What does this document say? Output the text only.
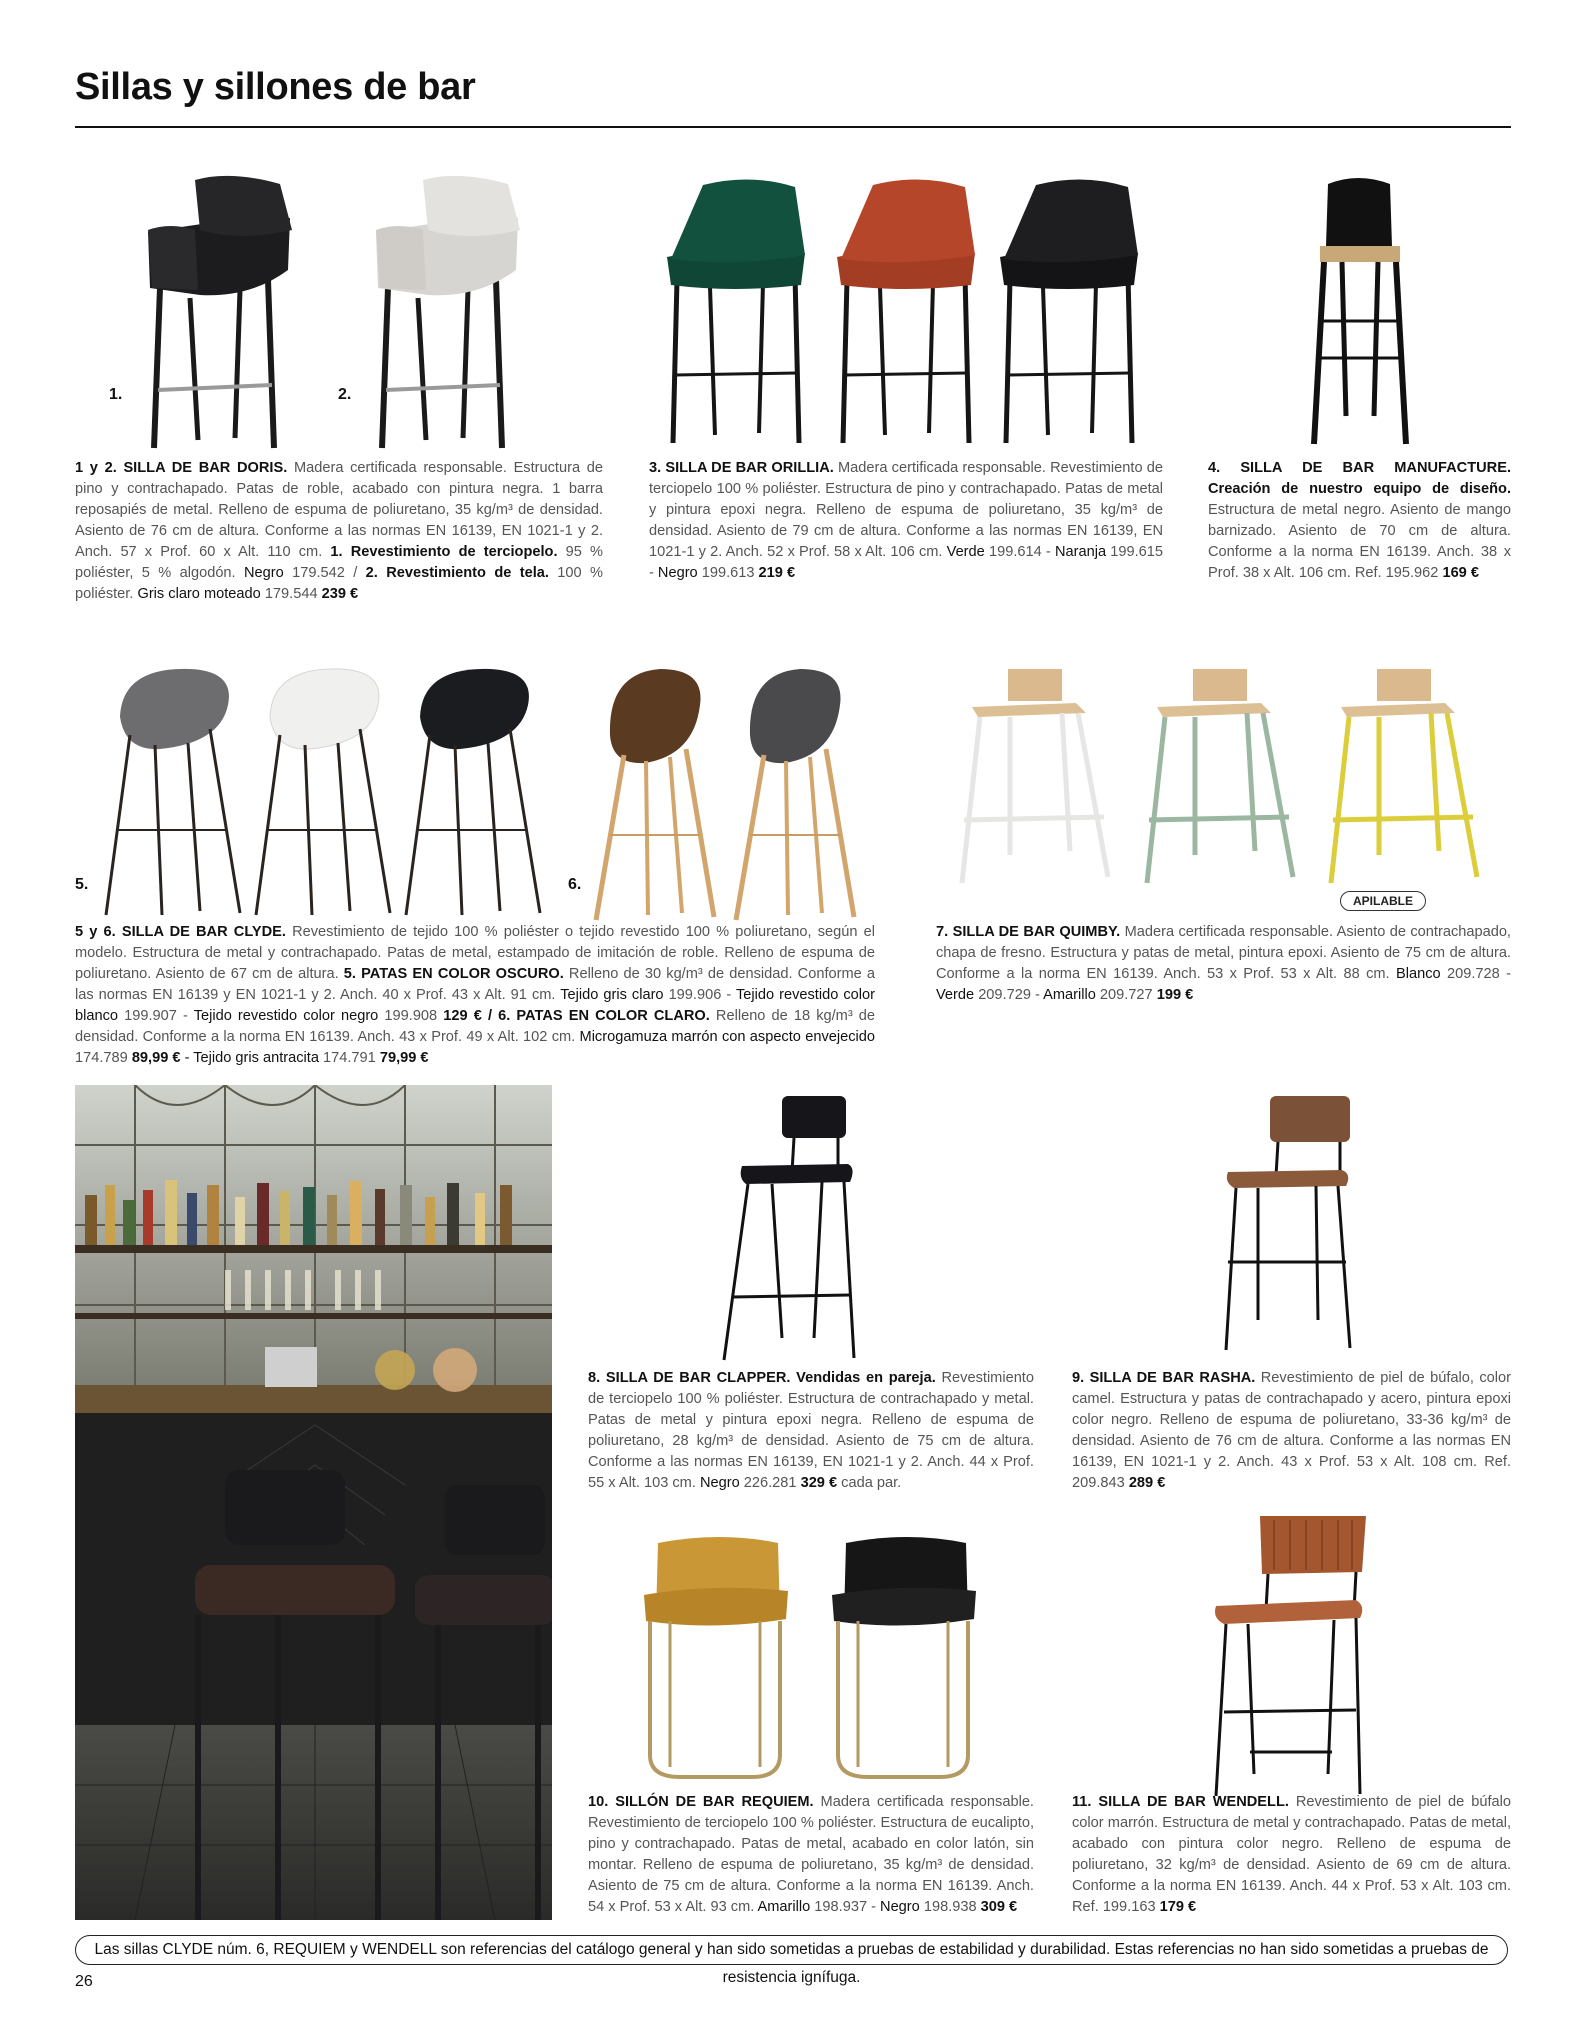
Sillas y sillones de bar
1.	2.

1 y 2. SILLA DE BAR DORIS. Madera certificada responsable. Estructura de pino y contrachapado. Patas de roble, acabado con pintura negra. 1 barra reposapiés de metal. Relleno de espuma de poliuretano, 35 kg/m³ de densidad. Asiento de 76 cm de altura. Conforme a las normas EN 16139, EN 1021-1 y 2. Anch. 57 x Prof. 60 x Alt. 110 cm. 1. Revestimiento de terciopelo. 95 % poliéster, 5 % algodón. Negro 179.542 / 2. Revestimiento de tela. 100 % poliéster. Gris claro moteado 179.544 239 €

3. SILLA DE BAR ORILLIA. Madera certificada responsable. Revestimiento de terciopelo 100 % poliéster. Estructura de pino y contrachapado. Patas de metal y pintura epoxi negra. Relleno de espuma de poliuretano, 35 kg/m³ de densidad. Asiento de 79 cm de altura. Conforme a las normas EN 16139, EN 1021-1 y 2. Anch. 52 x Prof. 58 x Alt. 106 cm. Verde 199.614 - Naranja 199.615 - Negro 199.613 219 €

4. SILLA DE BAR MANUFACTURE. Creación de nuestro equipo de diseño. Estructura de metal negro. Asiento de mango barnizado. Asiento de 70 cm de altura. Conforme a la norma EN 16139. Anch. 38 x Prof. 38 x Alt. 106 cm. Ref. 195.962 169 €

5.	6.
APILABLE

5 y 6. SILLA DE BAR CLYDE. Revestimiento de tejido 100 % poliéster o tejido revestido 100 % poliuretano, según el modelo. Estructura de metal y contrachapado. Patas de metal, estampado de imitación de roble. Relleno de espuma de poliuretano. Asiento de 67 cm de altura. 5. PATAS EN COLOR OSCURO. Relleno de 30 kg/m³ de densidad. Conforme a las normas EN 16139 y EN 1021-1 y 2. Anch. 40 x Prof. 43 x Alt. 91 cm. Tejido gris claro 199.906 - Tejido revestido color blanco 199.907 - Tejido revestido color negro 199.908 129 € / 6. PATAS EN COLOR CLARO. Relleno de 18 kg/m³ de densidad. Conforme a la norma EN 16139. Anch. 43 x Prof. 49 x Alt. 102 cm. Microgamuza marrón con aspecto envejecido 174.789 89,99 € - Tejido gris antracita 174.791 79,99 €

7. SILLA DE BAR QUIMBY. Madera certificada responsable. Asiento de contrachapado, chapa de fresno. Estructura y patas de metal, pintura epoxi. Asiento de 75 cm de altura. Conforme a la norma EN 16139. Anch. 53 x Prof. 53 x Alt. 88 cm. Blanco 209.728 - Verde 209.729 - Amarillo 209.727 199 €

8. SILLA DE BAR CLAPPER. Vendidas en pareja. Revestimiento de terciopelo 100 % poliéster. Estructura de contrachapado y metal. Patas de metal y pintura epoxi negra. Relleno de espuma de poliuretano, 28 kg/m³ de densidad. Asiento de 75 cm de altura. Conforme a las normas EN 16139, EN 1021-1 y 2. Anch. 44 x Prof. 55 x Alt. 103 cm. Negro 226.281 329 € cada par.

9. SILLA DE BAR RASHA. Revestimiento de piel de búfalo, color camel. Estructura y patas de contrachapado y acero, pintura epoxi color negro. Relleno de espuma de poliuretano, 33-36 kg/m³ de densidad. Asiento de 76 cm de altura. Conforme a las normas EN 16139, EN 1021-1 y 2. Anch. 43 x Prof. 53 x Alt. 108 cm. Ref. 209.843 289 €

10. SILLÓN DE BAR REQUIEM. Madera certificada responsable. Revestimiento de terciopelo 100 % poliéster. Estructura de eucalipto, pino y contrachapado. Patas de metal, acabado en color latón, sin montar. Relleno de espuma de poliuretano, 35 kg/m³ de densidad. Asiento de 75 cm de altura. Conforme a la norma EN 16139. Anch. 54 x Prof. 53 x Alt. 93 cm. Amarillo 198.937 - Negro 198.938 309 €

11. SILLA DE BAR WENDELL. Revestimiento de piel de búfalo color marrón. Estructura de metal y contrachapado. Patas de metal, acabado con pintura color negro. Relleno de espuma de poliuretano, 32 kg/m³ de densidad. Asiento de 69 cm de altura. Conforme a la norma EN 16139. Anch. 44 x Prof. 53 x Alt. 103 cm. Ref. 199.163 179 €

Las sillas CLYDE núm. 6, REQUIEM y WENDELL son referencias del catálogo general y han sido sometidas a pruebas de estabilidad y durabilidad. Estas referencias no han sido sometidas a pruebas de resistencia ignífuga.
26
